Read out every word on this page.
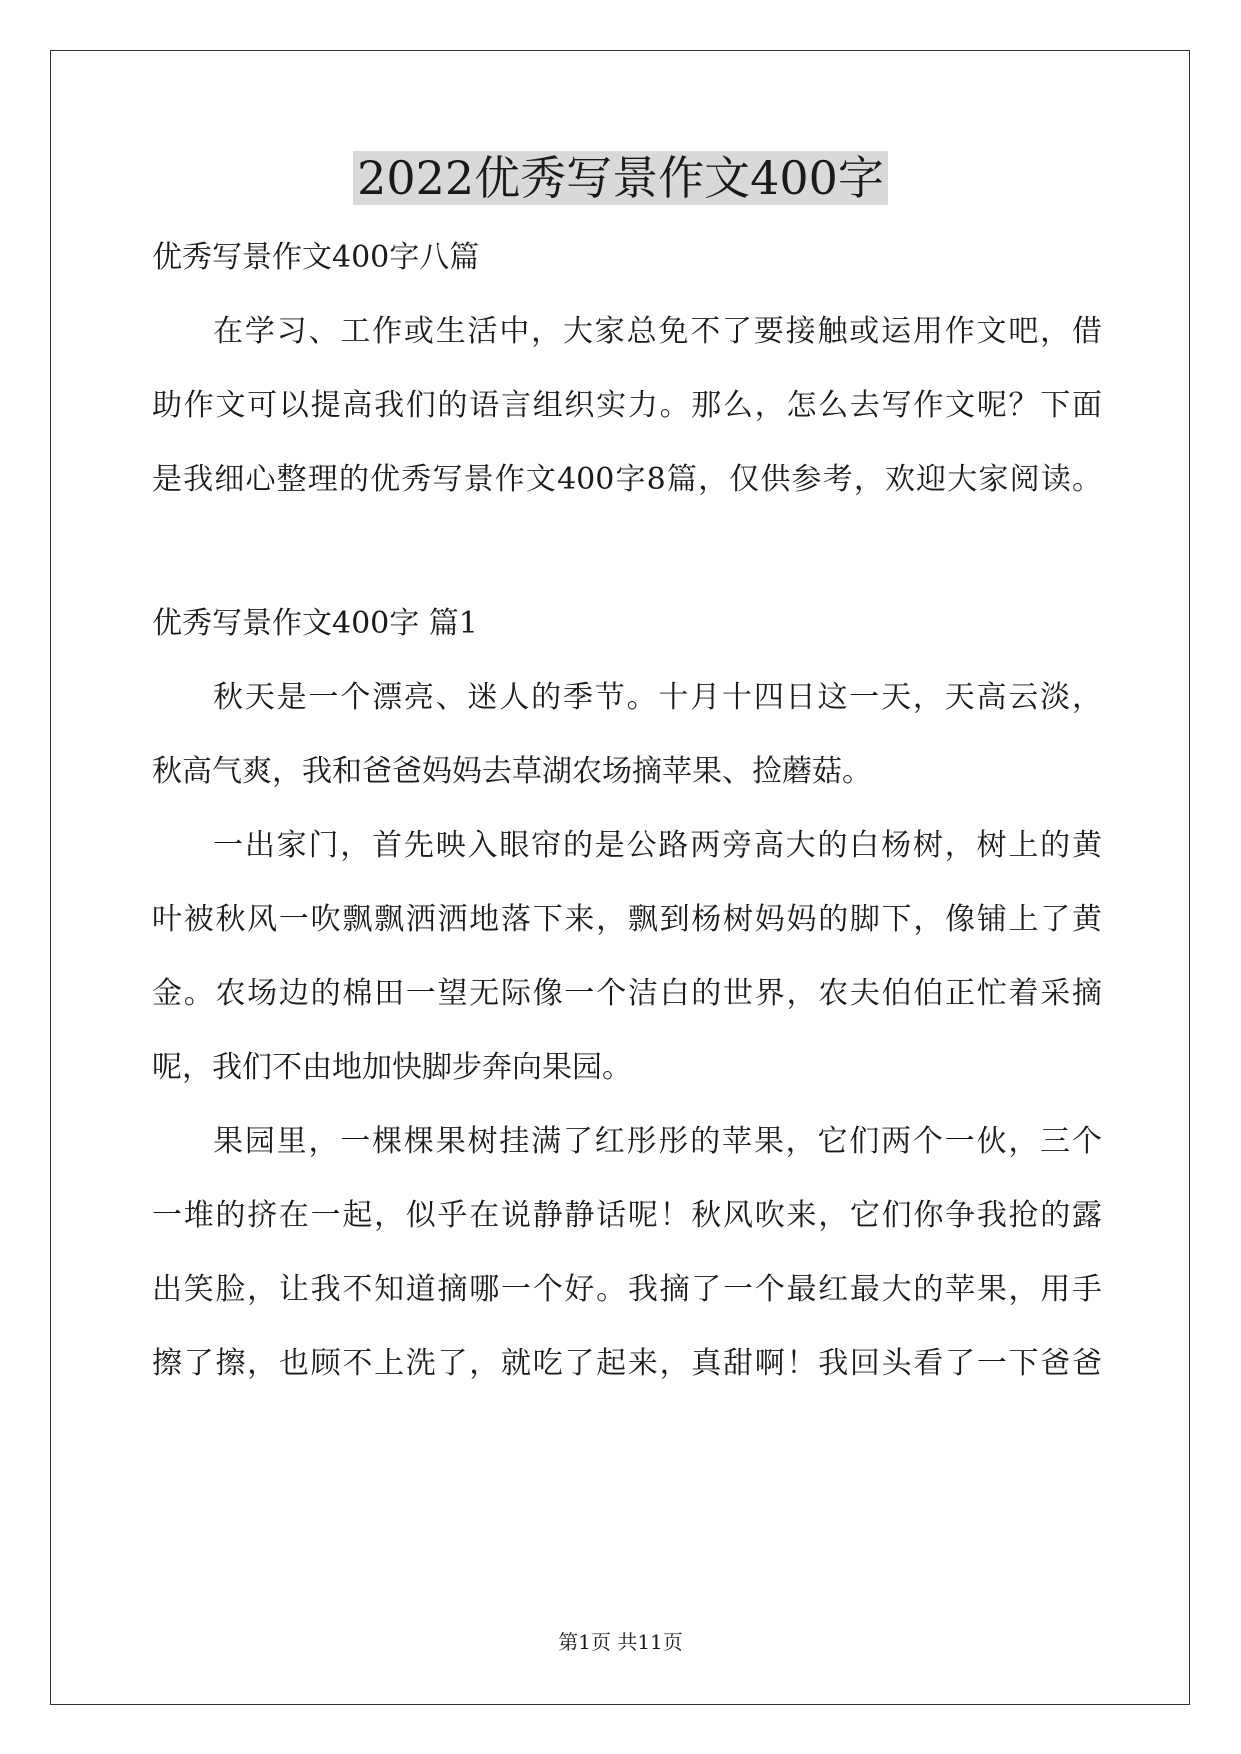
2022优秀写景作文400字

优秀写景作文400字八篇

在学习、工作或生活中，大家总免不了要接触或运用作文吧，借

助作文可以提高我们的语言组织实力。那么，怎么去写作文呢？下面

是我细心整理的优秀写景作文400字8篇，仅供参考，欢迎大家阅读。

优秀写景作文400字 篇1

秋天是一个漂亮、迷人的季节。十月十四日这一天，天高云淡，

秋高气爽，我和爸爸妈妈去草湖农场摘苹果、捡蘑菇。

一出家门，首先映入眼帘的是公路两旁高大的白杨树，树上的黄

叶被秋风一吹飘飘洒洒地落下来，飘到杨树妈妈的脚下，像铺上了黄

金。农场边的棉田一望无际像一个洁白的世界，农夫伯伯正忙着采摘

呢，我们不由地加快脚步奔向果园。

果园里，一棵棵果树挂满了红彤彤的苹果，它们两个一伙，三个

一堆的挤在一起，似乎在说静静话呢！秋风吹来，它们你争我抢的露

出笑脸，让我不知道摘哪一个好。我摘了一个最红最大的苹果，用手

擦了擦，也顾不上洗了，就吃了起来，真甜啊！我回头看了一下爸爸

第1页 共11页
